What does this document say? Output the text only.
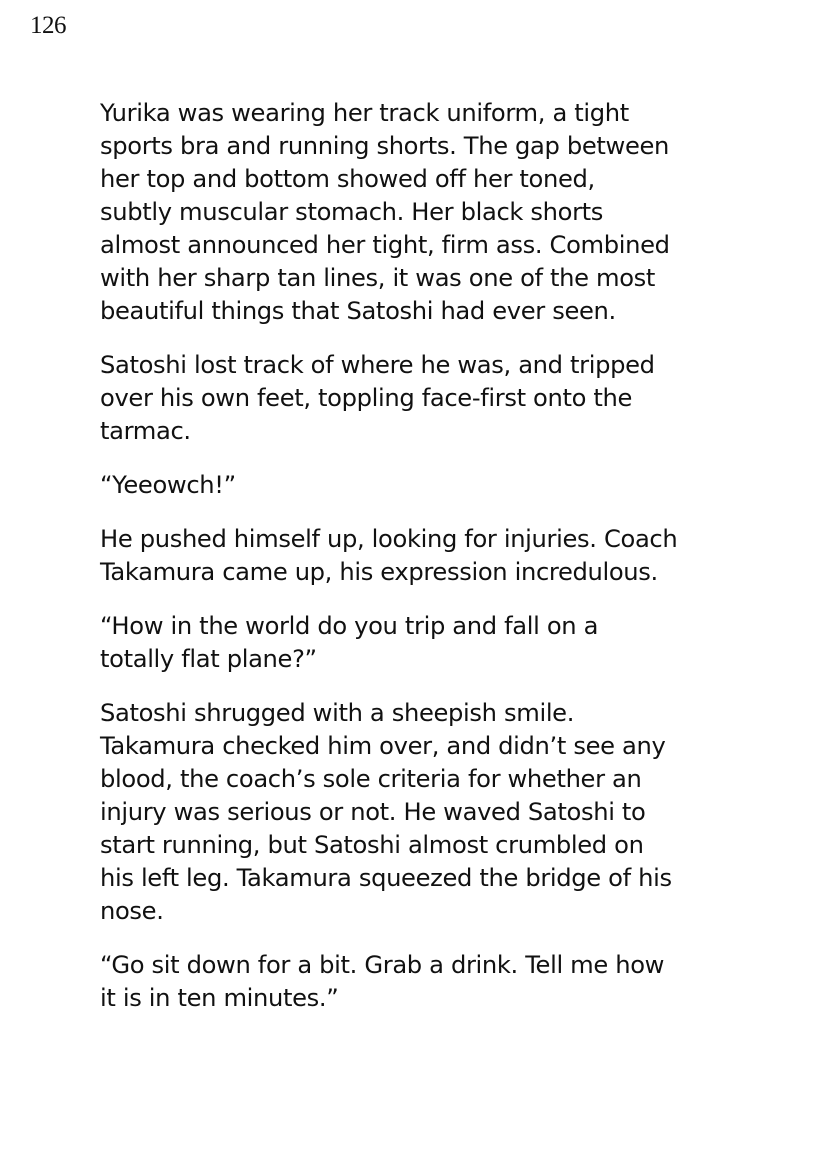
126

Yurika was wearing her track uniform, a tight
sports bra and running shorts. The gap between
her top and bottom showed off her toned,
subtly muscular stomach. Her black shorts
almost announced her tight, firm ass. Combined
with her sharp tan lines, it was one of the most
beautiful things that Satoshi had ever seen.

Satoshi lost track of where he was, and tripped
over his own feet, toppling face-first onto the
tarmac.

“Yeeowch!”

He pushed himself up, looking for injuries. Coach
Takamura came up, his expression incredulous.

“How in the world do you trip and fall on a
totally flat plane?”

Satoshi shrugged with a sheepish smile.
Takamura checked him over, and didn’t see any
blood, the coach’s sole criteria for whether an
injury was serious or not. He waved Satoshi to
start running, but Satoshi almost crumbled on
his left leg. Takamura squeezed the bridge of his
nose.

“Go sit down for a bit. Grab a drink. Tell me how
it is in ten minutes.”
